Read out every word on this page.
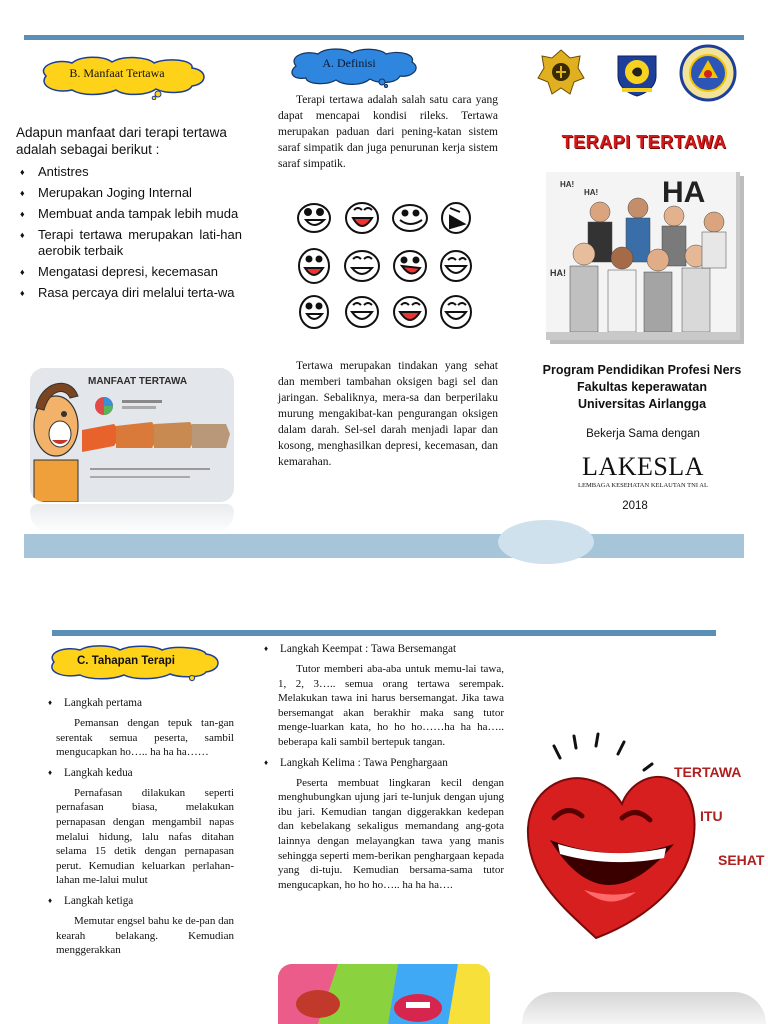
B. Manfaat Tertawa

Adapun manfaat dari terapi tertawa adalah sebagai berikut :

♦ Antistres
♦ Merupakan Joging Internal
♦ Membuat anda tampak lebih muda
♦ Terapi tertawa merupakan lati-han aerobik terbaik
♦ Mengatasi depresi, kecemasan
♦ Rasa percaya diri melalui terta-wa
MANFAAT TERTAWA
A. Definisi

Terapi tertawa adalah salah satu cara yang dapat mencapai kondisi rileks. Tertawa merupakan paduan dari pening-katan sistem saraf simpatik dan juga penurunan kerja sistem saraf simpatik.

Tertawa merupakan tindakan yang sehat dan memberi tambahan oksigen bagi sel dan jaringan. Sebaliknya, mera-sa dan berperilaku murung mengakibat-kan pengurangan oksigen dalam darah. Sel-sel darah menjadi lapar dan kosong, menghasilkan depresi, kecemasan, dan kemarahan.

TERAPI TERTAWA
HA!
HA! HA
HA!
Program Pendidikan Profesi Ners
Fakultas keperawatan
Universitas Airlangga
Bekerja Sama dengan
LAKESLA
LEMBAGA KESEHATAN KELAUTAN TNI AL
2018
C. Tahapan Terapi
♦ Langkah pertama

Pemansan dengan tepuk tan-gan serentak semua peserta, sambil mengucapkan ho….. ha ha ha……

♦ Langkah kedua

Pernafasan dilakukan seperti pernafasan biasa, melakukan pernapasan dengan mengambil napas melalui hidung, lalu nafas ditahan selama 15 detik dengan pernapasan perut. Kemudian keluarkan perlahan-lahan me-lalui mulut

♦ Langkah ketiga

Memutar engsel bahu ke de-pan dan kearah belakang. Kemudian menggerakkan

♦ Langkah Keempat : Tawa Bersemangat

Tutor memberi aba-aba untuk memu-lai tawa, 1, 2, 3….. semua orang tertawa serempak. Melakukan tawa ini harus bersemangat. Jika tawa bersemangat akan berakhir maka sang tutor menge-luarkan kata, ho ho ho……ha ha ha….. beberapa kali sambil bertepuk tangan.

♦ Langkah Kelima : Tawa Penghargaan

Peserta membuat lingkaran kecil dengan menghubungkan ujung jari te-lunjuk dengan ujung ibu jari. Kemudian tangan diggerakkan kedepan dan kebelakang sekaligus memandang ang-gota lainnya dengan melayangkan tawa yang manis sehingga seperti mem-berikan penghargaan kepada yang di-tuju. Kemudian bersama-sama tutor mengucapkan, ho ho ho….. ha ha ha….

TERTAWA
ITU
SEHAT
